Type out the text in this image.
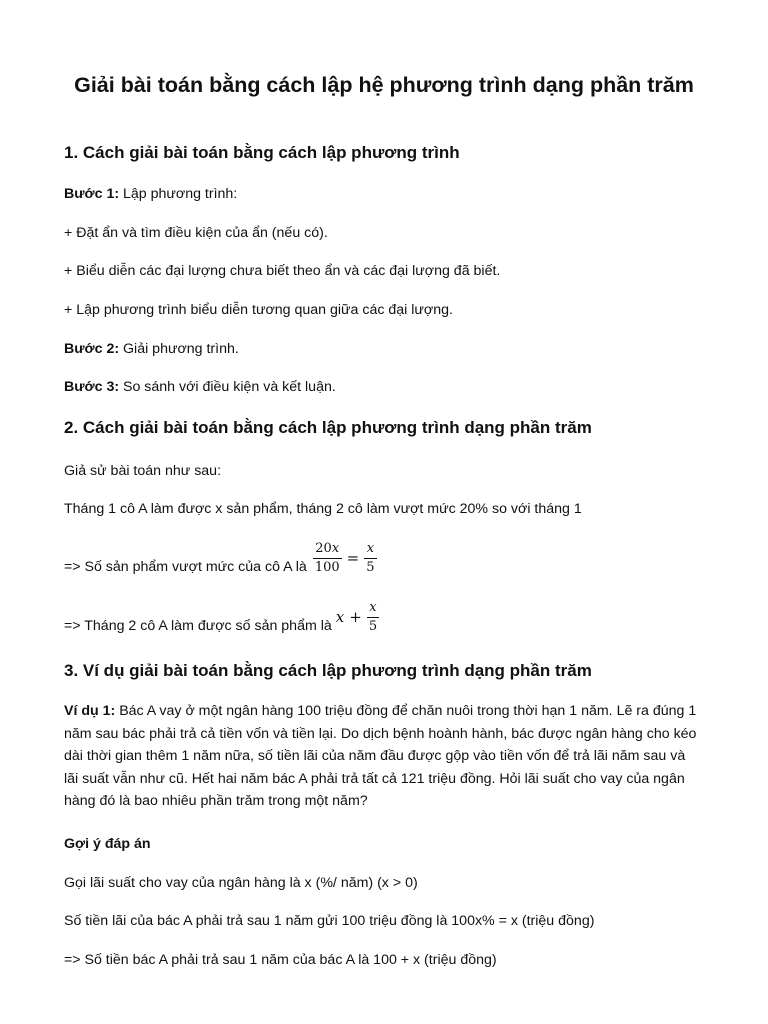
Giải bài toán bằng cách lập hệ phương trình dạng phần trăm
1. Cách giải bài toán bằng cách lập phương trình

Bước 1: Lập phương trình:

+ Đặt ẩn và tìm điều kiện của ẩn (nếu có).

+ Biểu diễn các đại lượng chưa biết theo ẩn và các đại lượng đã biết.

+ Lập phương trình biểu diễn tương quan giữa các đại lượng.

Bước 2: Giải phương trình.

Bước 3: So sánh với điều kiện và kết luận.

2. Cách giải bài toán bằng cách lập phương trình dạng phần trăm

Giả sử bài toán như sau:

Tháng 1 cô A làm được x sản phẩm, tháng 2 cô làm vượt mức 20% so với tháng 1

=> Số sản phẩm vượt mức của cô A là $\frac{20x}{100} = \frac{x}{5}$
=> Tháng 2 cô A làm được số sản phẩm là $x + \frac{x}{5}$
3. Ví dụ giải bài toán bằng cách lập phương trình dạng phần trăm

Ví dụ 1: Bác A vay ở một ngân hàng 100 triệu đồng để chăn nuôi trong thời hạn 1 năm. Lẽ ra đúng 1 năm sau bác phải trả cả tiền vốn và tiền lại. Do dịch bệnh hoành hành, bác được ngân hàng cho kéo dài thời gian thêm 1 năm nữa, số tiền lãi của năm đầu được gộp vào tiền vốn để trả lãi năm sau và lãi suất vẫn như cũ. Hết hai năm bác A phải trả tất cả 121 triệu đồng. Hỏi lãi suất cho vay của ngân hàng đó là bao nhiêu phần trăm trong một năm?

Gợi ý đáp án

Gọi lãi suất cho vay của ngân hàng là x (%/ năm) (x > 0)

Số tiền lãi của bác A phải trả sau 1 năm gửi 100 triệu đồng là 100x% = x (triệu đồng)

=> Số tiền bác A phải trả sau 1 năm của bác A là 100 + x (triệu đồng)
